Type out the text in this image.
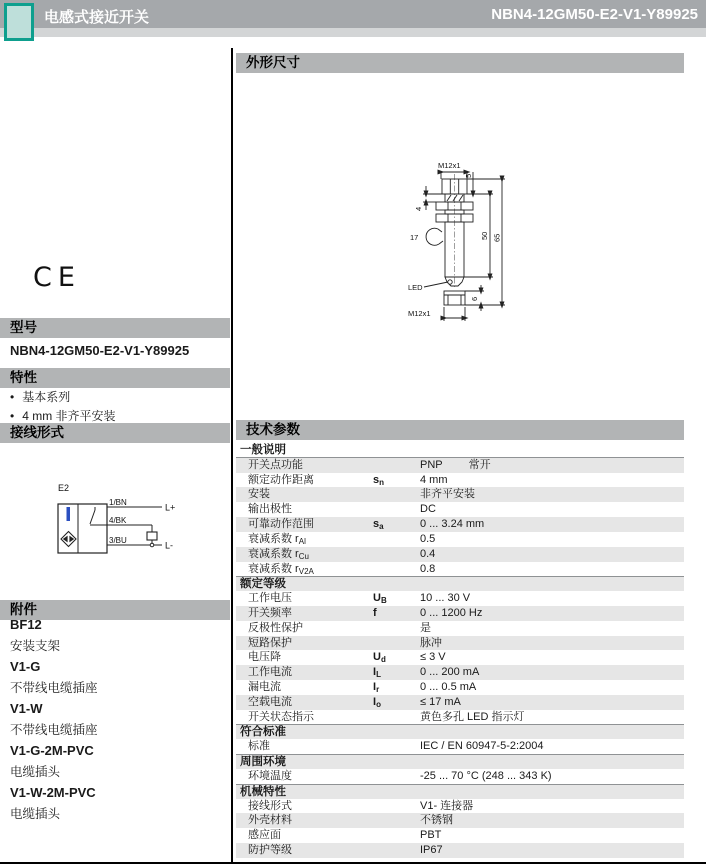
电感式接近开关	NBN4-12GM50-E2-V1-Y89925
CE
型号
NBN4-12GM50-E2-V1-Y89925
特性
• 基本系列
• 4 mm 非齐平安装
接线形式
E2
1/BN	L+
4/BK
3/BU	L-
附件
BF12
安装支架
V1-G
不带线电缆插座
V1-W
不带线电缆插座
V1-G-2M-PVC
电缆插头
V1-W-2M-PVC
电缆插头
外形尺寸
M12x1
5
4
17	50 65
LED
6
M12x1
技术参数
一般说明
开关点功能	PNP 常开
额定动作距离	$s_n$	4 mm
安装	非齐平安装
输出极性	DC
可靠动作范围	$s_a$	0 ... 3.24 mm
衰减系数 $r_{Al}$	0.5
衰减系数 $r_{Cu}$	0.4
衰减系数 $r_{V2A}$	0.8
额定等级
工作电压	$U_B$	10 ... 30 V
开关频率	f	0 ... 1200 Hz
反极性保护	是
短路保护	脉冲
电压降	$U_d$	≤ 3 V
工作电流	$I_L$	0 ... 200 mA
漏电流	$I_r$	0 ... 0.5 mA
空载电流	$I_o$	≤ 17 mA
开关状态指示	黄色多孔 LED 指示灯
符合标准
标准	IEC / EN 60947-5-2:2004
周围环境
环境温度	-25 ... 70 °C (248 ... 343 K)
机械特性
接线形式	V1- 连接器
外壳材料	不锈钢
感应面	PBT
防护等级	IP67
